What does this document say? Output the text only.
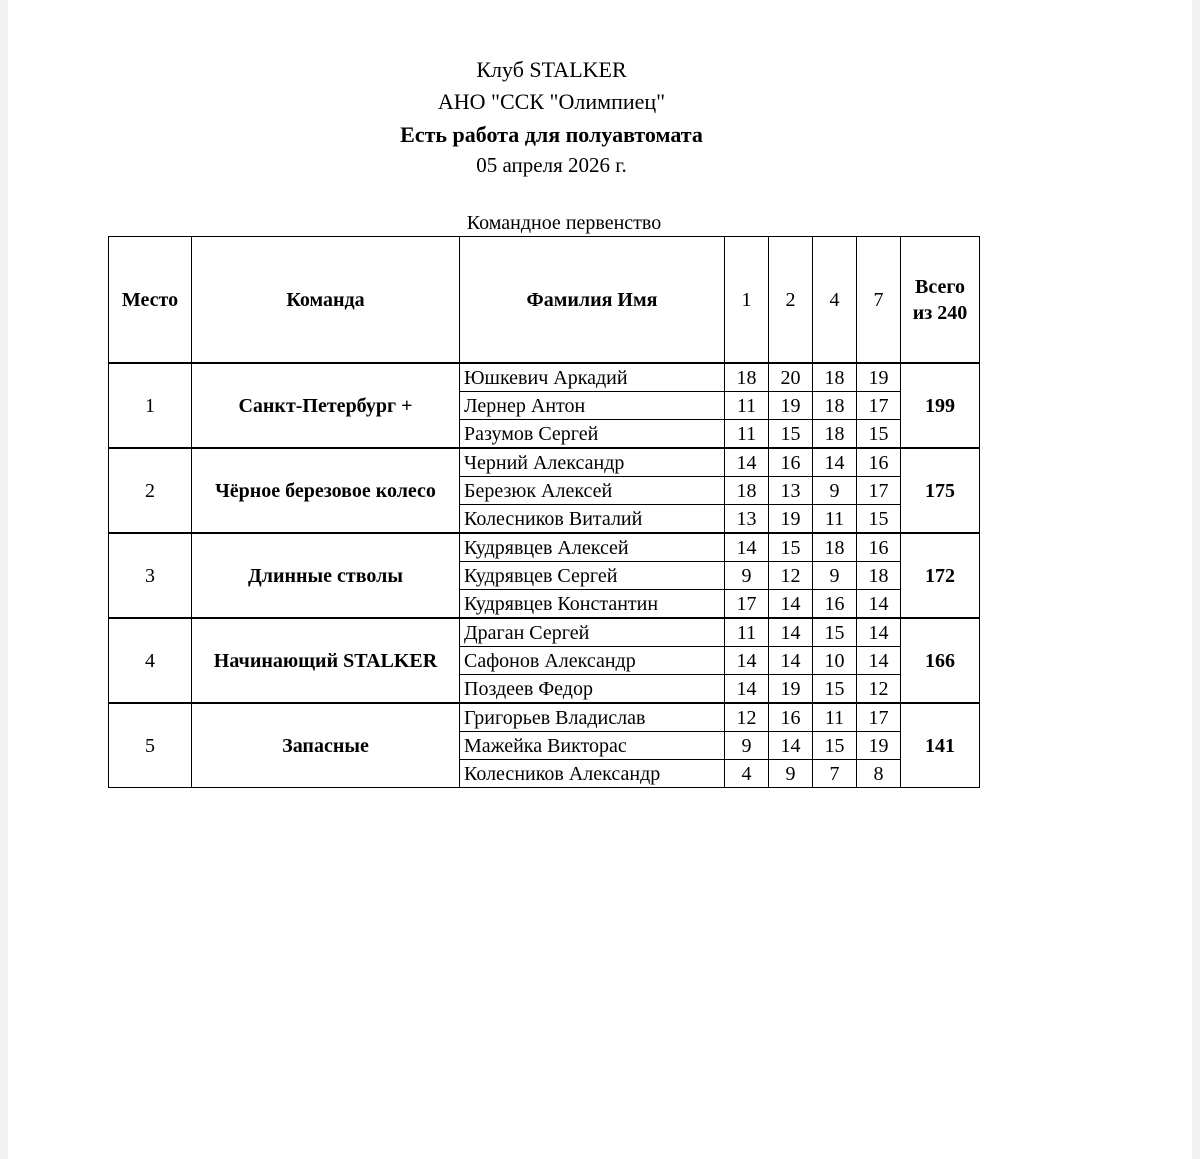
Клуб STALKER
АНО "ССК "Олимпиец"
Есть работа для полуавтомата
05 апреля 2026 г.
Командное первенство
Место	Команда	Фамилия Имя	1	2	4	7	Всего
из 240
1	Санкт-Петербург +	Юшкевич Аркадий	18	20	18	19	199
		Лернер Антон	11	19	18	17	
		Разумов Сергей	11	15	18	15	
2	Чёрное березовое колесо	Черний Александр	14	16	14	16	175
		Березюк Алексей	18	13	9	17	
		Колесников Виталий	13	19	11	15	
3	Длинные стволы	Кудрявцев Алексей	14	15	18	16	172
		Кудрявцев Сергей	9	12	9	18	
		Кудрявцев Константин	17	14	16	14	
4	Начинающий STALKER	Драган Сергей	11	14	15	14	166
		Сафонов Александр	14	14	10	14	
		Поздеев Федор	14	19	15	12	
5	Запасные	Григорьев Владислав	12	16	11	17	141
		Мажейка Викторас	9	14	15	19	
		Колесников Александр	4	9	7	8	
